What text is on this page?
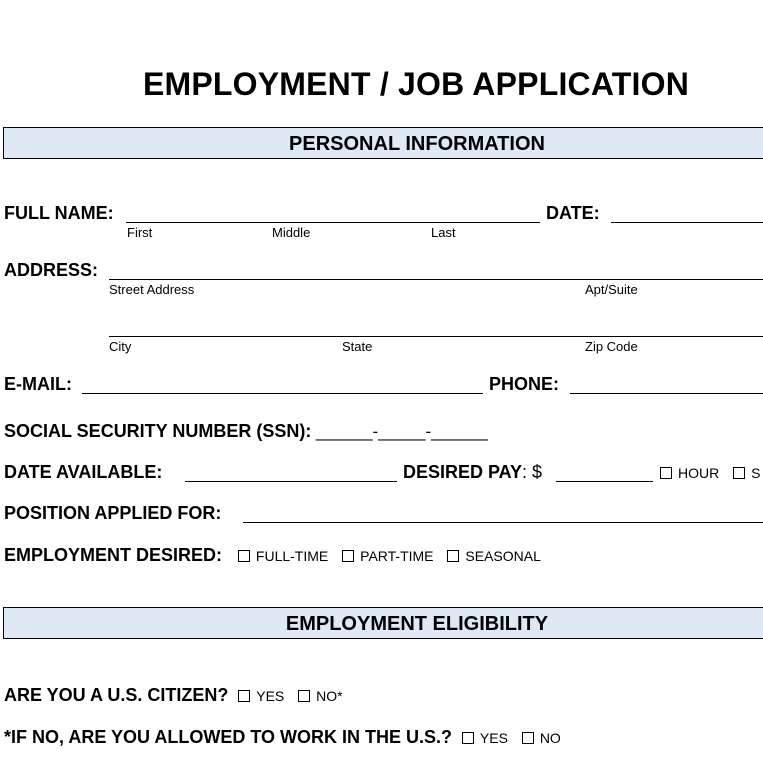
EMPLOYMENT / JOB APPLICATION
PERSONAL INFORMATION
FULL NAME:
First	Middle	Last
DATE:
ADDRESS:
Street Address	Apt/Suite
City	State	Zip Code
E-MAIL:	PHONE:
SOCIAL SECURITY NUMBER (SSN): ______-_____-______
DATE AVAILABLE:	DESIRED PAY: $	HOUR S
POSITION APPLIED FOR:
EMPLOYMENT DESIRED: FULL-TIME PART-TIME SEASONAL
EMPLOYMENT ELIGIBILITY
ARE YOU A U.S. CITIZEN? YES NO*
*IF NO, ARE YOU ALLOWED TO WORK IN THE U.S.? YES NO
